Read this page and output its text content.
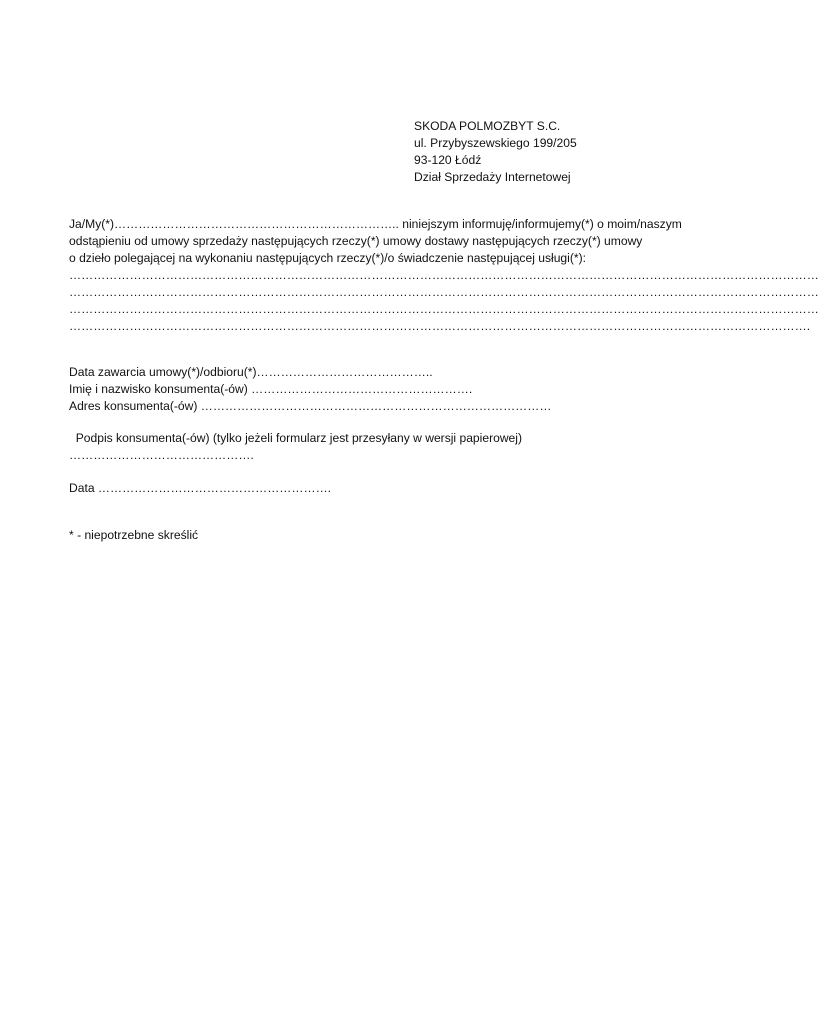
SKODA POLMOZBYT S.C.
ul. Przybyszewskiego 199/205
93-120 Łódź
Dział Sprzedaży Internetowej
Ja/My(*)…………………………………………………………….. niniejszym informuję/informujemy(*) o moim/naszym
odstąpieniu od umowy sprzedaży następujących rzeczy(*) umowy dostawy następujących rzeczy(*) umowy
o dzieło polegającej na wykonaniu następujących rzeczy(*)/o świadczenie następującej usługi(*):
……………………………………………………………………………………………………………………………………………………………………
……………………………………………………………………………………………………………………………………………………………………
……………………………………………………………………………………………………………………………………………………………………
………………………………………………………………………………………………………………………………………………………………….
Data zawarcia umowy(*)/odbioru(*)……………………………………..
Imię i nazwisko konsumenta(-ów) ……………………………………………….
Adres konsumenta(-ów) ……………………………………………………………………………
Podpis konsumenta(-ów) (tylko jeżeli formularz jest przesyłany w wersji papierowej)
……………………………………….
Data ………………………………………………….
* - niepotrzebne skreślić
